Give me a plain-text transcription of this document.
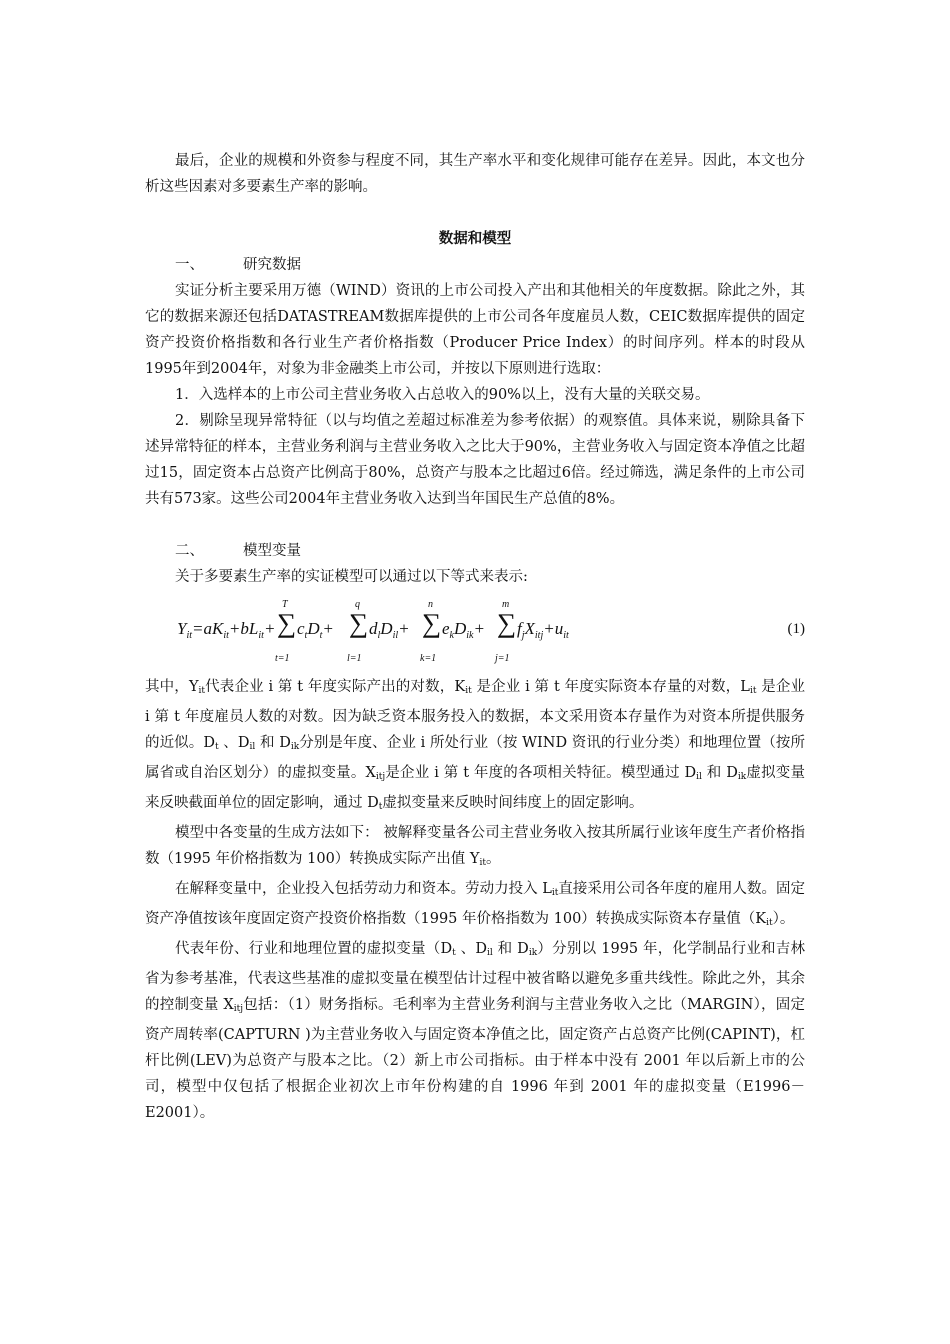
最后，企业的规模和外资参与程度不同，其生产率水平和变化规律可能存在差异。因此，本文也分析这些因素对多要素生产率的影响。

数据和模型

一、	研究数据

实证分析主要采用万德（WIND）资讯的上市公司投入产出和其他相关的年度数据。除此之外，其它的数据来源还包括DATASTREAM数据库提供的上市公司各年度雇员人数，CEIC数据库提供的固定资产投资价格指数和各行业生产者价格指数（Producer Price Index）的时间序列。样本的时段从1995年到2004年，对象为非金融类上市公司，并按以下原则进行选取：

1．入选样本的上市公司主营业务收入占总收入的90%以上，没有大量的关联交易。

2．剔除呈现异常特征（以与均值之差超过标准差为参考依据）的观察值。具体来说，剔除具备下述异常特征的样本，主营业务利润与主营业务收入之比大于90%，主营业务收入与固定资本净值之比超过15，固定资本占总资产比例高于80%，总资产与股本之比超过6倍。经过筛选，满足条件的上市公司共有573家。这些公司2004年主营业务收入达到当年国民生产总值的8%。

二、	模型变量

关于多要素生产率的实证模型可以通过以下等式来表示:

$Y_{it}=aK_{it}+bL_{it}+$
T
∑
t=1
$c_tD_t+$
q
∑
l=1
$d_lD_{il}+$
n
∑
k=1
$e_kD_{ik}+$
m
∑
j=1
$f_jX_{itj}+u_{it}$	(1)

其中，Yit代表企业 i 第 t 年度实际产出的对数，Kit 是企业 i 第 t 年度实际资本存量的对数，Lit 是企业 i 第 t 年度雇员人数的对数。因为缺乏资本服务投入的数据，本文采用资本存量作为对资本所提供服务的近似。Dt 、Dil 和 Dik分别是年度、企业 i 所处行业（按 WIND 资讯的行业分类）和地理位置（按所属省或自治区划分）的虚拟变量。Xitj是企业 i 第 t 年度的各项相关特征。模型通过 Dil 和 Dik虚拟变量来反映截面单位的固定影响，通过 Dt虚拟变量来反映时间纬度上的固定影响。

模型中各变量的生成方法如下： 被解释变量各公司主营业务收入按其所属行业该年度生产者价格指数（1995 年价格指数为 100）转换成实际产出值 Yit。

在解释变量中，企业投入包括劳动力和资本。劳动力投入 Lit直接采用公司各年度的雇用人数。固定资产净值按该年度固定资产投资价格指数（1995 年价格指数为 100）转换成实际资本存量值（Kit）。

代表年份、行业和地理位置的虚拟变量（Dt 、Dil 和 Dik）分别以 1995 年，化学制品行业和吉林省为参考基准，代表这些基准的虚拟变量在模型估计过程中被省略以避免多重共线性。除此之外，其余的控制变量 Xitj包括：（1）财务指标。毛利率为主营业务利润与主营业务收入之比（MARGIN），固定资产周转率(CAPTURN )为主营业务收入与固定资本净值之比，固定资产占总资产比例(CAPINT)，杠杆比例(LEV)为总资产与股本之比。（2）新上市公司指标。由于样本中没有 2001 年以后新上市的公司，模型中仅包括了根据企业初次上市年份构建的自 1996 年到 2001 年的虚拟变量（E1996－E2001）。
